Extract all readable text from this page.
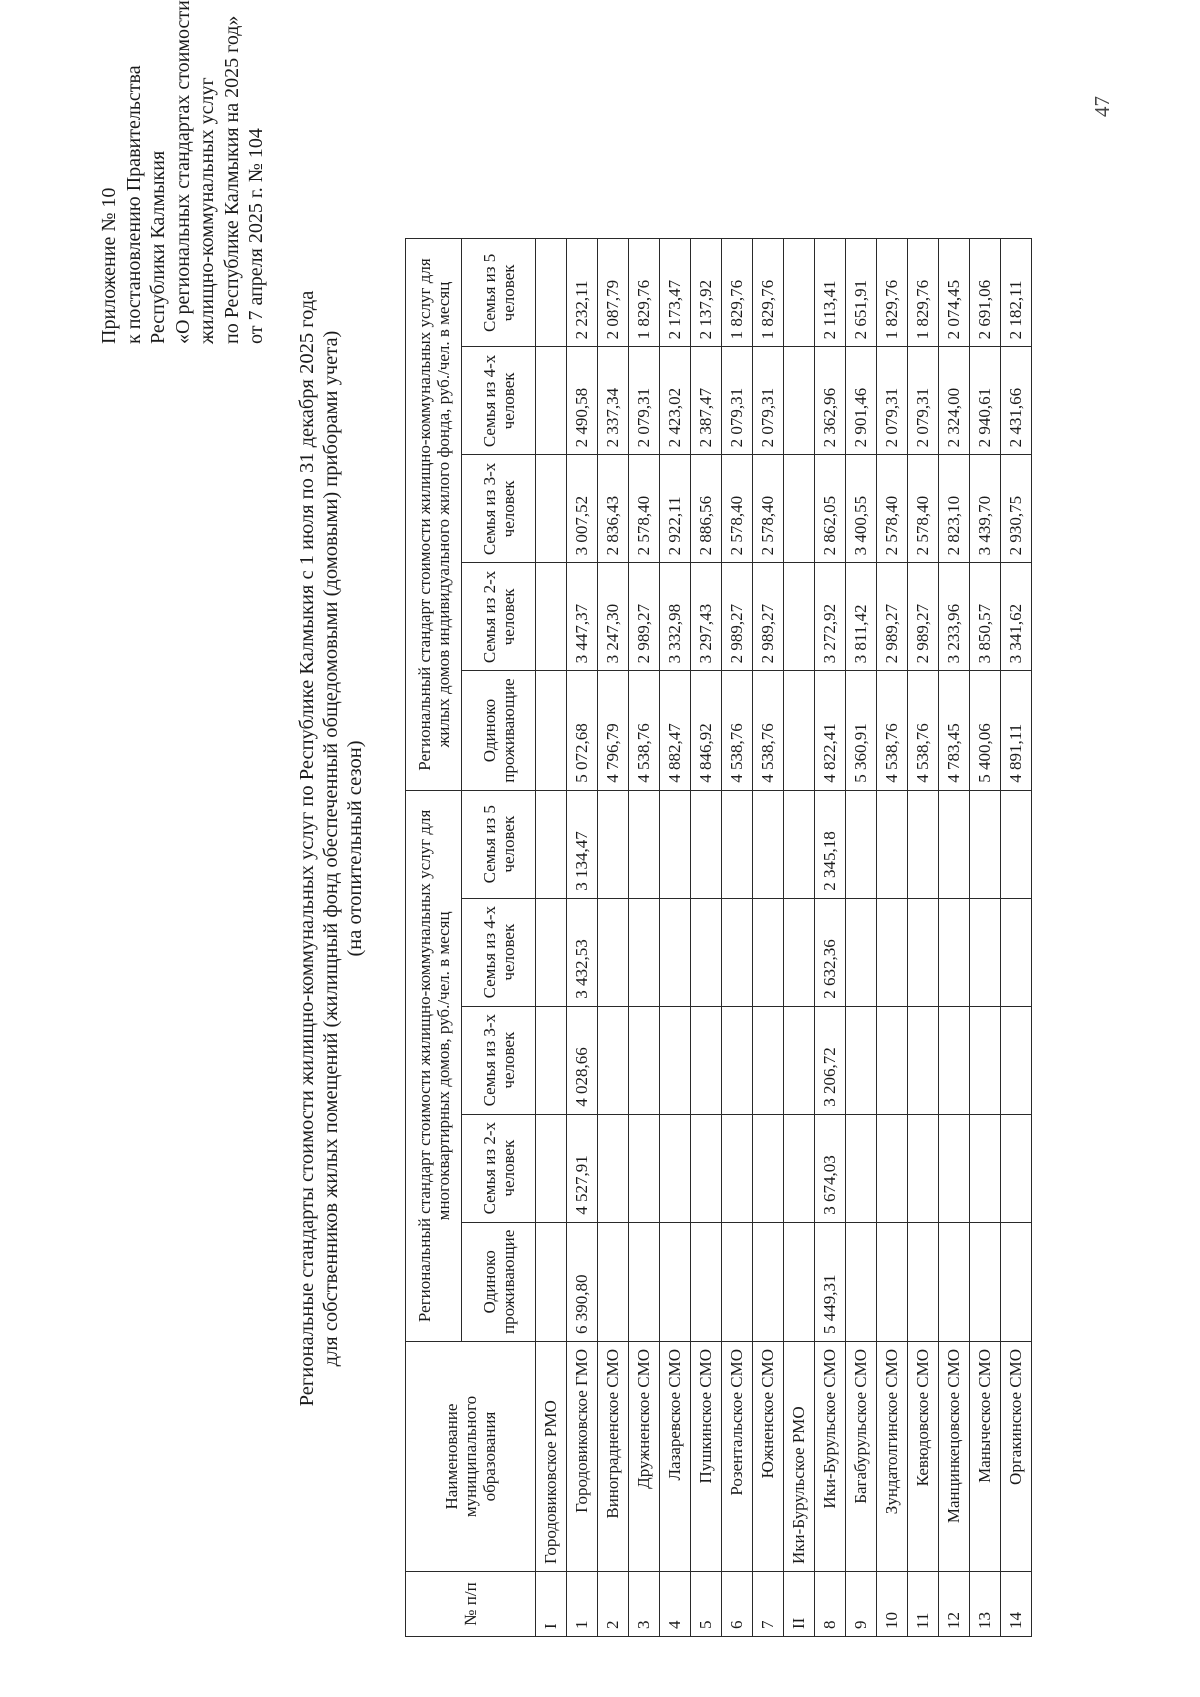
47
Приложение № 10 к постановлению Правительства Республики Калмыкия «О региональных стандартах стоимости жилищно-коммунальных услуг по Республике Калмыкия на 2025 год» от 7 апреля 2025 г. № 104
Региональные стандарты стоимости жилищно-коммунальных услуг по Республике Калмыкия с 1 июля по 31 декабря 2025 года для собственников жилых помещений (жилищный фонд обеспеченный общедомовыми (домовыми) приборами учета) (на отопительный сезон)
№ п/п	Наименование муниципального образования	Региональный стандарт стоимости жилищно-коммунальных услуг для многоквартирных домов, руб./чел. в месяц					Региональный стандарт стоимости жилищно-коммунальных услуг для жилых домов индивидуального жилого фонда, руб./чел. в месяц				
		Одиноко проживающие	Семья из 2-х человек	Семья из 3-х человек	Семья из 4-х человек	Семья из 5 человек	Одиноко проживающие	Семья из 2-х человек	Семья из 3-х человек	Семья из 4-х человек	Семья из 5 человек
I	Городовиковское РМО										
1	Городовиковское ГМО	6 390,80	4 527,91	4 028,66	3 432,53	3 134,47	5 072,68	3 447,37	3 007,52	2 490,58	2 232,11
2	Виноградненское СМО						4 796,79	3 247,30	2 836,43	2 337,34	2 087,79
3	Дружненское СМО						4 538,76	2 989,27	2 578,40	2 079,31	1 829,76
4	Лазаревское СМО						4 882,47	3 332,98	2 922,11	2 423,02	2 173,47
5	Пушкинское СМО						4 846,92	3 297,43	2 886,56	2 387,47	2 137,92
6	Розентальское СМО						4 538,76	2 989,27	2 578,40	2 079,31	1 829,76
7	Южненское СМО						4 538,76	2 989,27	2 578,40	2 079,31	1 829,76
II	Ики-Бурульское РМО										
8	Ики-Бурульское СМО	5 449,31	3 674,03	3 206,72	2 632,36	2 345,18	4 822,41	3 272,92	2 862,05	2 362,96	2 113,41
9	Багабурульское СМО						5 360,91	3 811,42	3 400,55	2 901,46	2 651,91
10	Зундатолгинское СМО						4 538,76	2 989,27	2 578,40	2 079,31	1 829,76
11	Кевюдовское СМО						4 538,76	2 989,27	2 578,40	2 079,31	1 829,76
12	Манцинкецовское СМО						4 783,45	3 233,96	2 823,10	2 324,00	2 074,45
13	Маныческое СМО						5 400,06	3 850,57	3 439,70	2 940,61	2 691,06
14	Оргакинское СМО						4 891,11	3 341,62	2 930,75	2 431,66	2 182,11
